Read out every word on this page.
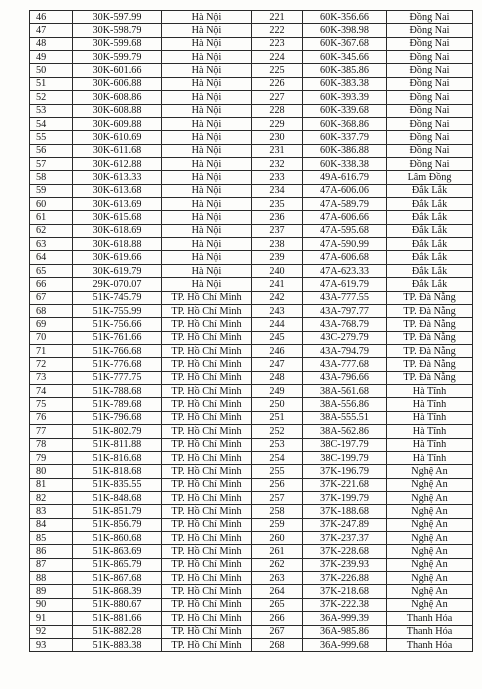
46	30K-597.99	Hà Nội	221	60K-356.66	Đồng Nai
47	30K-598.79	Hà Nội	222	60K-398.98	Đồng Nai
48	30K-599.68	Hà Nội	223	60K-367.68	Đồng Nai
49	30K-599.79	Hà Nội	224	60K-345.66	Đồng Nai
50	30K-601.66	Hà Nội	225	60K-385.86	Đồng Nai
51	30K-606.88	Hà Nội	226	60K-383.38	Đồng Nai
52	30K-608.86	Hà Nội	227	60K-393.39	Đồng Nai
53	30K-608.88	Hà Nội	228	60K-339.68	Đồng Nai
54	30K-609.88	Hà Nội	229	60K-368.86	Đồng Nai
55	30K-610.69	Hà Nội	230	60K-337.79	Đồng Nai
56	30K-611.68	Hà Nội	231	60K-386.88	Đồng Nai
57	30K-612.88	Hà Nội	232	60K-338.38	Đồng Nai
58	30K-613.33	Hà Nội	233	49A-616.79	Lâm Đồng
59	30K-613.68	Hà Nội	234	47A-606.06	Đắk Lắk
60	30K-613.69	Hà Nội	235	47A-589.79	Đắk Lắk
61	30K-615.68	Hà Nội	236	47A-606.66	Đắk Lắk
62	30K-618.69	Hà Nội	237	47A-595.68	Đắk Lắk
63	30K-618.88	Hà Nội	238	47A-590.99	Đắk Lắk
64	30K-619.66	Hà Nội	239	47A-606.68	Đắk Lắk
65	30K-619.79	Hà Nội	240	47A-623.33	Đắk Lắk
66	29K-070.07	Hà Nội	241	47A-619.79	Đắk Lắk
67	51K-745.79	TP. Hồ Chí Minh	242	43A-777.55	TP. Đà Nẵng
68	51K-755.99	TP. Hồ Chí Minh	243	43A-797.77	TP. Đà Nẵng
69	51K-756.66	TP. Hồ Chí Minh	244	43A-768.79	TP. Đà Nẵng
70	51K-761.66	TP. Hồ Chí Minh	245	43C-279.79	TP. Đà Nẵng
71	51K-766.68	TP. Hồ Chí Minh	246	43A-794.79	TP. Đà Nẵng
72	51K-776.68	TP. Hồ Chí Minh	247	43A-777.68	TP. Đà Nẵng
73	51K-777.75	TP. Hồ Chí Minh	248	43A-796.66	TP. Đà Nẵng
74	51K-788.68	TP. Hồ Chí Minh	249	38A-561.68	Hà Tĩnh
75	51K-789.68	TP. Hồ Chí Minh	250	38A-556.86	Hà Tĩnh
76	51K-796.68	TP. Hồ Chí Minh	251	38A-555.51	Hà Tĩnh
77	51K-802.79	TP. Hồ Chí Minh	252	38A-562.86	Hà Tĩnh
78	51K-811.88	TP. Hồ Chí Minh	253	38C-197.79	Hà Tĩnh
79	51K-816.68	TP. Hồ Chí Minh	254	38C-199.79	Hà Tĩnh
80	51K-818.68	TP. Hồ Chí Minh	255	37K-196.79	Nghệ An
81	51K-835.55	TP. Hồ Chí Minh	256	37K-221.68	Nghệ An
82	51K-848.68	TP. Hồ Chí Minh	257	37K-199.79	Nghệ An
83	51K-851.79	TP. Hồ Chí Minh	258	37K-188.68	Nghệ An
84	51K-856.79	TP. Hồ Chí Minh	259	37K-247.89	Nghệ An
85	51K-860.68	TP. Hồ Chí Minh	260	37K-237.37	Nghệ An
86	51K-863.69	TP. Hồ Chí Minh	261	37K-228.68	Nghệ An
87	51K-865.79	TP. Hồ Chí Minh	262	37K-239.93	Nghệ An
88	51K-867.68	TP. Hồ Chí Minh	263	37K-226.88	Nghệ An
89	51K-868.39	TP. Hồ Chí Minh	264	37K-218.68	Nghệ An
90	51K-880.67	TP. Hồ Chí Minh	265	37K-222.38	Nghệ An
91	51K-881.66	TP. Hồ Chí Minh	266	36A-999.39	Thanh Hóa
92	51K-882.28	TP. Hồ Chí Minh	267	36A-985.86	Thanh Hóa
93	51K-883.38	TP. Hồ Chí Minh	268	36A-999.68	Thanh Hóa
